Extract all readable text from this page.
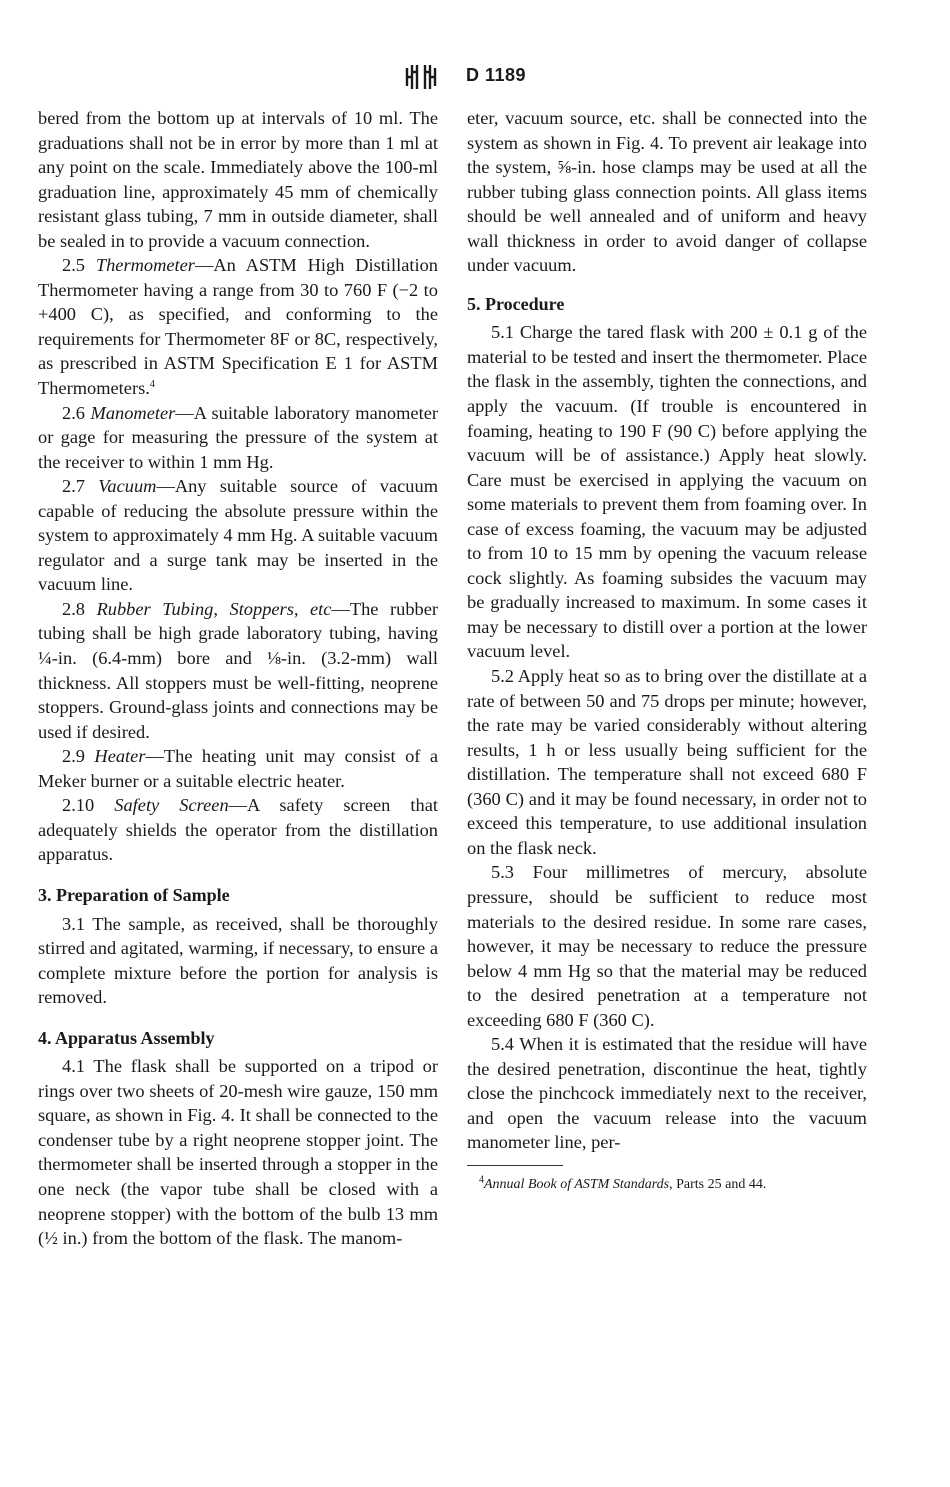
D 1189

bered from the bottom up at intervals of 10 ml. The graduations shall not be in error by more than 1 ml at any point on the scale. Immediately above the 100-ml graduation line, approximately 45 mm of chemically resistant glass tubing, 7 mm in outside diameter, shall be sealed in to provide a vacuum connection.

2.5 Thermometer—An ASTM High Distillation Thermometer having a range from 30 to 760 F (−2 to +400 C), as specified, and conforming to the requirements for Thermometer 8F or 8C, respectively, as prescribed in ASTM Specification E 1 for ASTM Thermometers.$^4$

2.6 Manometer—A suitable laboratory manometer or gage for measuring the pressure of the system at the receiver to within 1 mm Hg.

2.7 Vacuum—Any suitable source of vacuum capable of reducing the absolute pressure within the system to approximately 4 mm Hg. A suitable vacuum regulator and a surge tank may be inserted in the vacuum line.

2.8 Rubber Tubing, Stoppers, etc—The rubber tubing shall be high grade laboratory tubing, having ¼-in. (6.4-mm) bore and ⅛-in. (3.2-mm) wall thickness. All stoppers must be well-fitting, neoprene stoppers. Ground-glass joints and connections may be used if desired.

2.9 Heater—The heating unit may consist of a Meker burner or a suitable electric heater.

2.10 Safety Screen—A safety screen that adequately shields the operator from the distillation apparatus.

3. Preparation of Sample

3.1 The sample, as received, shall be thoroughly stirred and agitated, warming, if necessary, to ensure a complete mixture before the portion for analysis is removed.

4. Apparatus Assembly

4.1 The flask shall be supported on a tripod or rings over two sheets of 20-mesh wire gauze, 150 mm square, as shown in Fig. 4. It shall be connected to the condenser tube by a right neoprene stopper joint. The thermometer shall be inserted through a stopper in the one neck (the vapor tube shall be closed with a neoprene stopper) with the bottom of the bulb 13 mm (½ in.) from the bottom of the flask. The manom-

eter, vacuum source, etc. shall be connected into the system as shown in Fig. 4. To prevent air leakage into the system, ⅝-in. hose clamps may be used at all the rubber tubing glass connection points. All glass items should be well annealed and of uniform and heavy wall thickness in order to avoid danger of collapse under vacuum.

5. Procedure

5.1 Charge the tared flask with 200 ± 0.1 g of the material to be tested and insert the thermometer. Place the flask in the assembly, tighten the connections, and apply the vacuum. (If trouble is encountered in foaming, heating to 190 F (90 C) before applying the vacuum will be of assistance.) Apply heat slowly. Care must be exercised in applying the vacuum on some materials to prevent them from foaming over. In case of excess foaming, the vacuum may be adjusted to from 10 to 15 mm by opening the vacuum release cock slightly. As foaming subsides the vacuum may be gradually increased to maximum. In some cases it may be necessary to distill over a portion at the lower vacuum level.

5.2 Apply heat so as to bring over the distillate at a rate of between 50 and 75 drops per minute; however, the rate may be varied considerably without altering results, 1 h or less usually being sufficient for the distillation. The temperature shall not exceed 680 F (360 C) and it may be found necessary, in order not to exceed this temperature, to use additional insulation on the flask neck.

5.3 Four millimetres of mercury, absolute pressure, should be sufficient to reduce most materials to the desired residue. In some rare cases, however, it may be necessary to reduce the pressure below 4 mm Hg so that the material may be reduced to the desired penetration at a temperature not exceeding 680 F (360 C).

5.4 When it is estimated that the residue will have the desired penetration, discontinue the heat, tightly close the pinchcock immediately next to the receiver, and open the vacuum release into the vacuum manometer line, per-

$^4$Annual Book of ASTM Standards, Parts 25 and 44.
